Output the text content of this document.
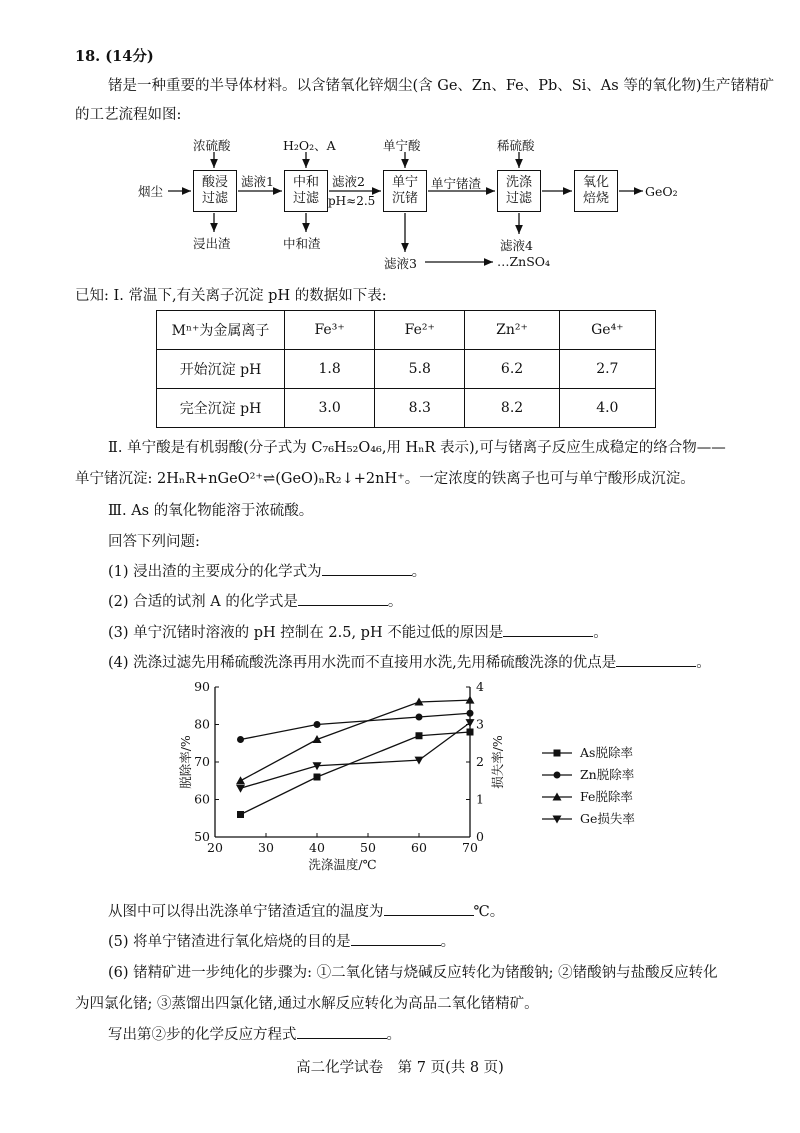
18. (14分)
锗是一种重要的半导体材料。以含锗氧化锌烟尘(含 Ge、Zn、Fe、Pb、Si、As 等的氧化物)生产锗精矿
的工艺流程如图:
烟尘
酸浸
过滤
中和
过滤
单宁
沉锗
洗涤
过滤
氧化
焙烧
浓硫酸	H₂O₂、A	单宁酸	稀硫酸
浸出渣	中和渣
滤液3
滤液4
…ZnSO₄
滤液1	滤液2
pH≈2.5
单宁锗渣
GeO₂
已知: Ⅰ. 常温下,有关离子沉淀 pH 的数据如下表:
Mⁿ⁺为金属离子	Fe³⁺	Fe²⁺	Zn²⁺	Ge⁴⁺
开始沉淀 pH	1.8	5.8	6.2	2.7
完全沉淀 pH	3.0	8.3	8.2	4.0
Ⅱ. 单宁酸是有机弱酸(分子式为 C₇₆H₅₂O₄₆,用 HₙR 表示),可与锗离子反应生成稳定的络合物——
单宁锗沉淀: 2HₙR+nGeO²⁺⇌(GeO)ₙR₂↓+2nH⁺。一定浓度的铁离子也可与单宁酸形成沉淀。
Ⅲ. As 的氧化物能溶于浓硫酸。
回答下列问题:
(1) 浸出渣的主要成分的化学式为	。
(2) 合适的试剂 A 的化学式是	。
(3) 单宁沉锗时溶液的 pH 控制在 2.5, pH 不能过低的原因是	。
(4) 洗涤过滤先用稀硫酸洗涤再用水洗而不直接用水洗,先用稀硫酸洗涤的优点是	。
20	30	40	50	60	70
50
60
70
80
90
0
1
2
3
4
洗涤温度/℃
脱除率/%	损失率/%	As脱除率
Zn脱除率
Fe脱除率
Ge损失率
从图中可以得出洗涤单宁锗渣适宜的温度为	℃。
(5) 将单宁锗渣进行氧化焙烧的目的是	。
(6) 锗精矿进一步纯化的步骤为: ①二氧化锗与烧碱反应转化为锗酸钠; ②锗酸钠与盐酸反应转化
为四氯化锗; ③蒸馏出四氯化锗,通过水解反应转化为高品二氧化锗精矿。
写出第②步的化学反应方程式	。
高二化学试卷　第 7 页(共 8 页)
